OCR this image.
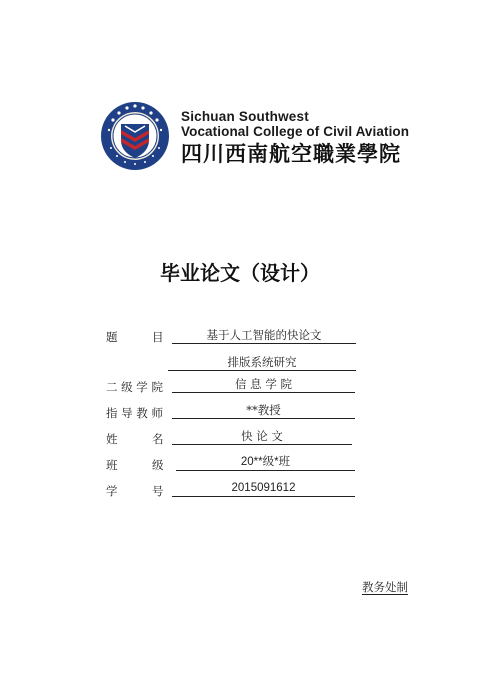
Sichuan Southwest
Vocational College of Civil Aviation
四川西南航空職業學院
毕业论文（设计）
题　　　目	基于人工智能的快论文
排版系统研究
二 级 学 院	信 息 学 院
指 导 教 师	**教授
姓　　　名	快 论 文
班　　　级	20**级*班
学　　　号	2015091612
教务处制
